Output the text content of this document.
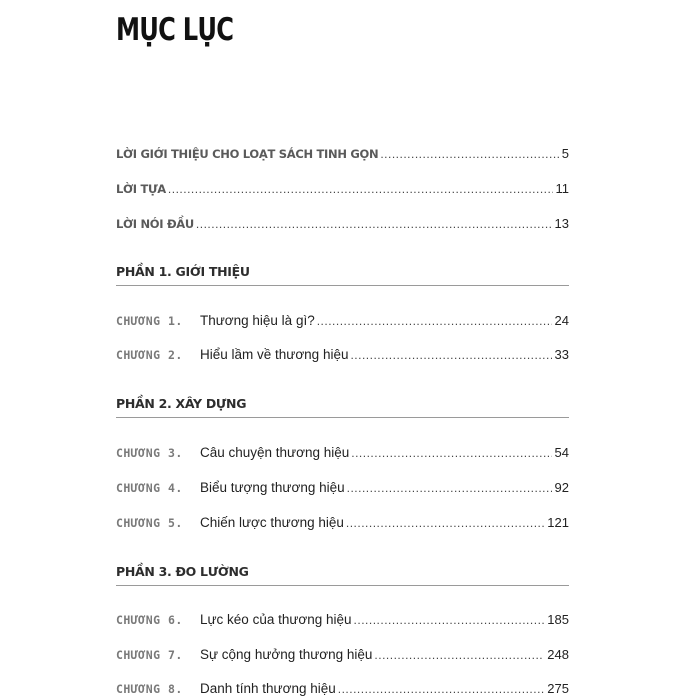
MỤC LỤC
LỜI GIỚI THIỆU CHO LOẠT SÁCH TINH GỌN .....	5
LỜI TỰA .....	11
LỜI NÓI ĐẦU .....	13
PHẦN 1. GIỚI THIỆU
CHƯƠNG 1.	Thương hiệu là gì? .....	24
CHƯƠNG 2.	Hiểu lầm về thương hiệu .....	33
PHẦN 2. XÂY DỰNG
CHƯƠNG 3.	Câu chuyện thương hiệu .....	54
CHƯƠNG 4.	Biểu tượng thương hiệu .....	92
CHƯƠNG 5.	Chiến lược thương hiệu .....	121
PHẦN 3. ĐO LƯỜNG
CHƯƠNG 6.	Lực kéo của thương hiệu .....	185
CHƯƠNG 7.	Sự cộng hưởng thương hiệu .....	248
CHƯƠNG 8.	Danh tính thương hiệu .....	275
